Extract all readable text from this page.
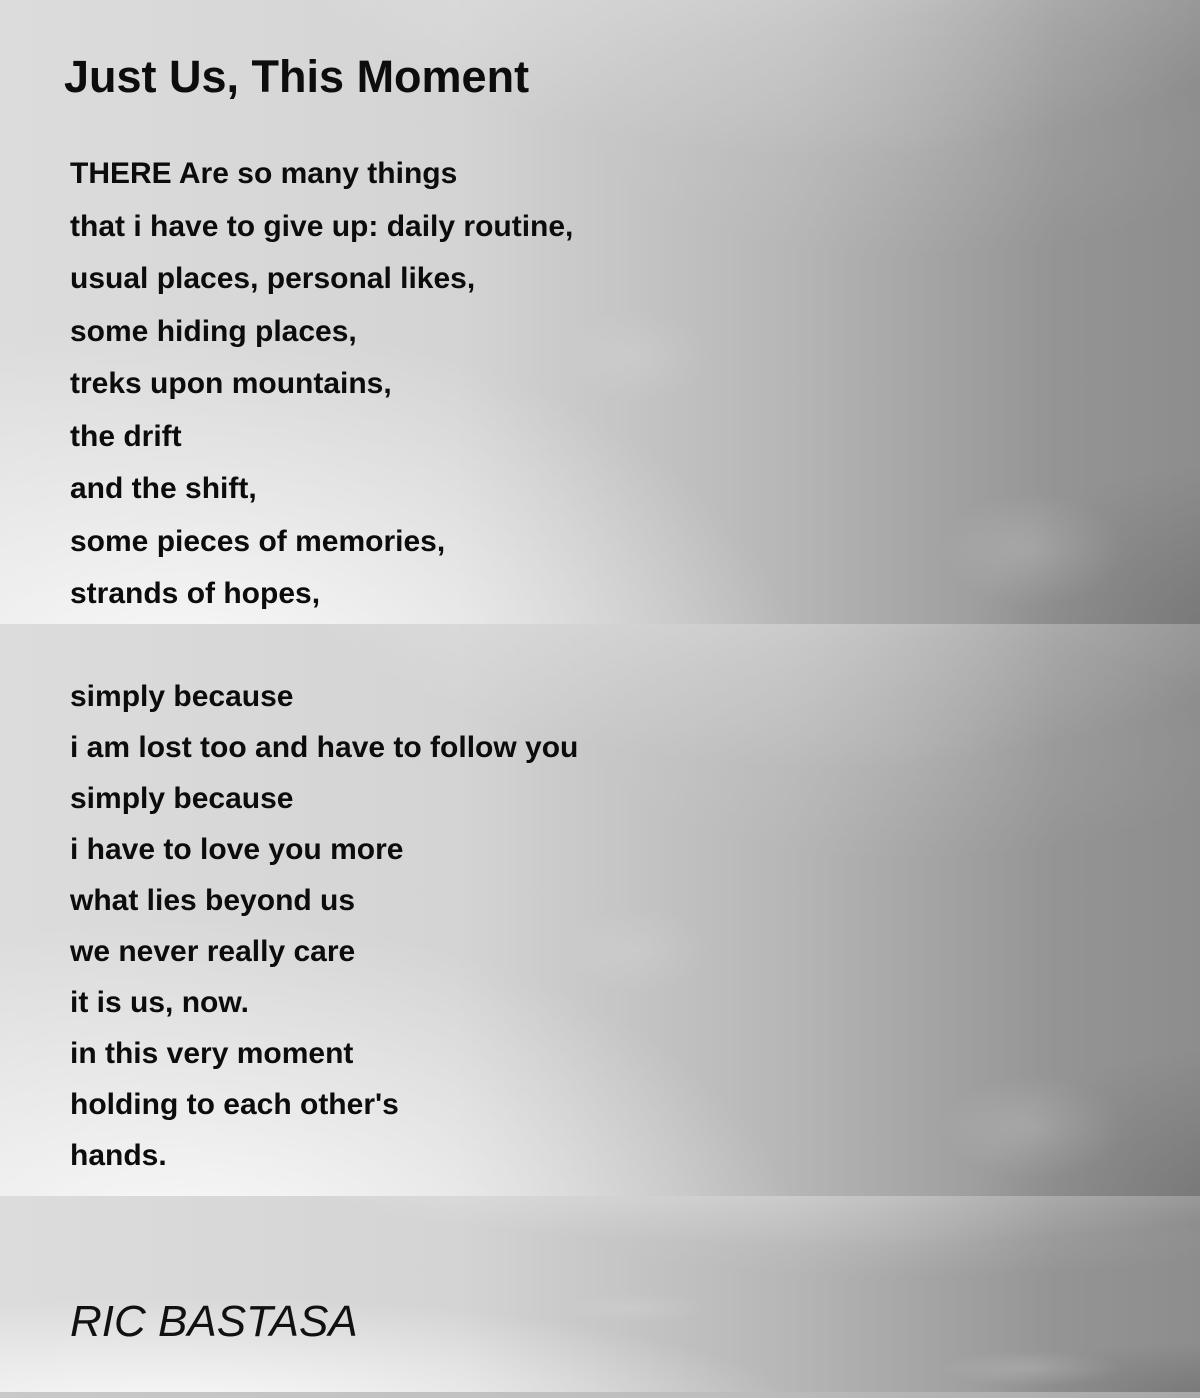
Just Us, This Moment

THERE Are so many things

that i have to give up: daily routine,

usual places, personal likes,

some hiding places,

treks upon mountains,

the drift

and the shift,

some pieces of memories,

strands of hopes,

simply because

i am lost too and have to follow you

simply because

i have to love you more

what lies beyond us

we never really care

it is us, now.

in this very moment

holding to each other's

hands.

RIC BASTASA
